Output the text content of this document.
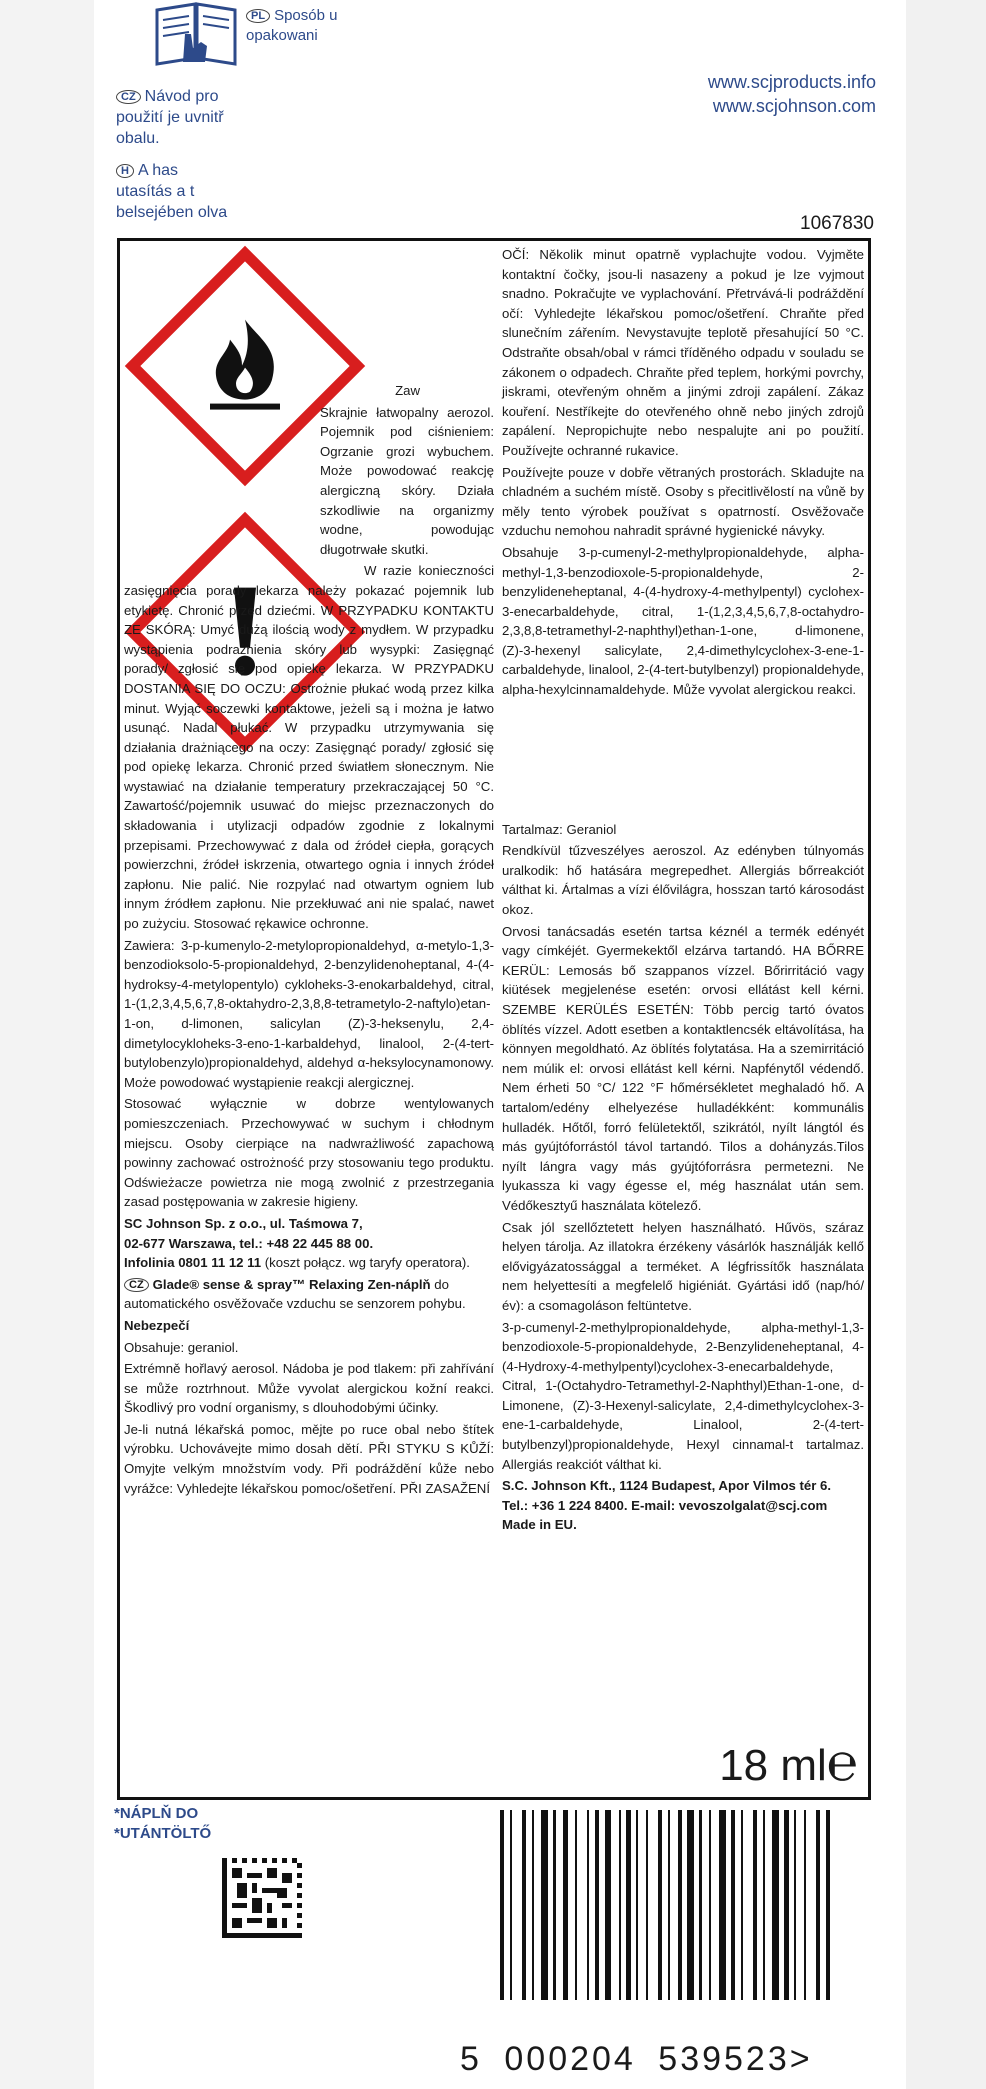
PL Sposób u
opakowani
CZ Návod pro
použití je uvnitř
obalu.
H A has
utasítás a t
belsejében olva
www.scjproducts.info
www.scjohnson.com
1067830

Zaw

Skrajnie łatwopalny aerozol. Pojemnik pod ciśnieniem: Ogrzanie grozi wybuchem. Może powodować reakcję alergiczną skóry. Działa szkodliwie na organizmy wodne, powodując długotrwałe skutki.

W razie konieczności zasięgnięcia porady lekarza należy pokazać pojemnik lub etykietę. Chronić przed dziećmi. W PRZYPADKU KONTAKTU ZE SKÓRĄ: Umyć dużą ilością wody z mydłem. W przypadku wystąpienia podrażnienia skóry lub wysypki: Zasięgnąć porady/ zgłosić się pod opiekę lekarza. W PRZYPADKU DOSTANIA SIĘ DO OCZU: Ostrożnie płukać wodą przez kilka minut. Wyjąć soczewki kontaktowe, jeżeli są i można je łatwo usunąć. Nadal płukać. W przypadku utrzymywania się działania drażniącego na oczy: Zasięgnąć porady/ zgłosić się pod opiekę lekarza. Chronić przed światłem słonecznym. Nie wystawiać na działanie temperatury przekraczającej 50 °C. Zawartość/pojemnik usuwać do miejsc przeznaczonych do składowania i utylizacji odpadów zgodnie z lokalnymi przepisami. Przechowywać z dala od źródeł ciepła, gorących powierzchni, źródeł iskrzenia, otwartego ognia i innych źródeł zapłonu. Nie palić. Nie rozpylać nad otwartym ogniem lub innym źródłem zapłonu. Nie przekłuwać ani nie spalać, nawet po zużyciu. Stosować rękawice ochronne.

Zawiera: 3-p-kumenylo-2-metylopropionaldehyd, α-metylo-1,3-benzodioksolo-5-propionaldehyd, 2-benzylidenoheptanal, 4-(4-hydroksy-4-metylopentylo) cykloheks-3-enokarbaldehyd, citral, 1-(1,2,3,4,5,6,7,8-oktahydro-2,3,8,8-tetrametylo-2-naftylo)etan-1-on, d-limonen, salicylan (Z)-3-heksenylu, 2,4-dimetylocykloheks-3-eno-1-karbaldehyd, linalool, 2-(4-tert-butylobenzylo)propionaldehyd, aldehyd α-heksylocynamonowy. Może powodować wystąpienie reakcji alergicznej.

Stosować wyłącznie w dobrze wentylowanych pomieszczeniach. Przechowywać w suchym i chłodnym miejscu. Osoby cierpiące na nadwrażliwość zapachową powinny zachować ostrożność przy stosowaniu tego produktu. Odświeżacze powietrza nie mogą zwolnić z przestrzegania zasad postępowania w zakresie higieny.

SC Johnson Sp. z o.o., ul. Taśmowa 7,
02-677 Warszawa, tel.: +48 22 445 88 00.
Infolinia 0801 11 12 11 (koszt połącz. wg taryfy operatora).

CZ Glade® sense & spray™ Relaxing Zen-náplň do automatického osvěžovače vzduchu se senzorem pohybu.

Nebezpečí

Obsahuje: geraniol.

Extrémně hořlavý aerosol. Nádoba je pod tlakem: při zahřívání se může roztrhnout. Může vyvolat alergickou kožní reakci. Škodlivý pro vodní organismy, s dlouhodobými účinky.

Je-li nutná lékařská pomoc, mějte po ruce obal nebo štítek výrobku. Uchovávejte mimo dosah dětí. PŘI STYKU S KŮŽÍ: Omyjte velkým množstvím vody. Při podráždění kůže nebo vyrážce: Vyhledejte lékařskou pomoc/ošetření. PŘI ZASAŽENÍ

OČÍ: Několik minut opatrně vyplachujte vodou. Vyjměte kontaktní čočky, jsou-li nasazeny a pokud je lze vyjmout snadno. Pokračujte ve vyplachování. Přetrvává-li podráždění očí: Vyhledejte lékařskou pomoc/ošetření. Chraňte před slunečním zářením. Nevystavujte teplotě přesahující 50 °C. Odstraňte obsah/obal v rámci tříděného odpadu v souladu se zákonem o odpadech. Chraňte před teplem, horkými povrchy, jiskrami, otevřeným ohněm a jinými zdroji zapálení. Zákaz kouření. Nestříkejte do otevřeného ohně nebo jiných zdrojů zapálení. Nepropichujte nebo nespalujte ani po použití. Používejte ochranné rukavice.

Používejte pouze v dobře větraných prostorách. Skladujte na chladném a suchém místě. Osoby s přecitlivělostí na vůně by měly tento výrobek používat s opatrností. Osvěžovače vzduchu nemohou nahradit správné hygienické návyky.

Obsahuje 3-p-cumenyl-2-methylpropionaldehyde, alpha-methyl-1,3-benzodioxole-5-propionaldehyde, 2-benzylideneheptanal, 4-(4-hydroxy-4-methylpentyl) cyclohex-3-enecarbaldehyde, citral, 1-(1,2,3,4,5,6,7,8-octahydro-2,3,8,8-tetramethyl-2-naphthyl)ethan-1-one, d-limonene, (Z)-3-hexenyl salicylate, 2,4-dimethylcyclohex-3-ene-1-carbaldehyde, linalool, 2-(4-tert-butylbenzyl) propionaldehyde, alpha-hexylcinnamaldehyde. Může vyvolat alergickou reakci.

Tartalmaz: Geraniol

Rendkívül tűzveszélyes aeroszol. Az edényben túlnyomás uralkodik: hő hatására megrepedhet. Allergiás bőrreakciót válthat ki. Ártalmas a vízi élővilágra, hosszan tartó károsodást okoz.

Orvosi tanácsadás esetén tartsa kéznél a termék edényét vagy címkéjét. Gyermekektől elzárva tartandó. HA BŐRRE KERÜL: Lemosás bő szappanos vízzel. Bőrirritáció vagy kiütések megjelenése esetén: orvosi ellátást kell kérni. SZEMBE KERÜLÉS ESETÉN: Több percig tartó óvatos öblítés vízzel. Adott esetben a kontaktlencsék eltávolítása, ha könnyen megoldható. Az öblítés folytatása. Ha a szemirritáció nem múlik el: orvosi ellátást kell kérni. Napfénytől védendő. Nem érheti 50 °C/ 122 °F hőmérsékletet meghaladó hő. A tartalom/edény elhelyezése hulladékként: kommunális hulladék. Hőtől, forró felületektől, szikrától, nyílt lángtól és más gyújtóforrástól távol tartandó. Tilos a dohányzás.Tilos nyílt lángra vagy más gyújtóforrásra permetezni. Ne lyukassza ki vagy égesse el, még használat után sem. Védőkesztyű használata kötelező.

Csak jól szellőztetett helyen használható. Hűvös, száraz helyen tárolja. Az illatokra érzékeny vásárlók használják kellő elővigyázatossággal a terméket. A légfrissítők használata nem helyettesíti a megfelelő higiéniát. Gyártási idő (nap/hó/év): a csomagoláson feltüntetve.

3-p-cumenyl-2-methylpropionaldehyde, alpha-methyl-1,3-benzodioxole-5-propionaldehyde, 2-Benzylideneheptanal, 4-(4-Hydroxy-4-methylpentyl)cyclohex-3-enecarbaldehyde, Citral, 1-(Octahydro-Tetramethyl-2-Naphthyl)Ethan-1-one, d-Limonene, (Z)-3-Hexenyl-salicylate, 2,4-dimethylcyclohex-3-ene-1-carbaldehyde, Linalool, 2-(4-tert-butylbenzyl)propionaldehyde, Hexyl cinnamal-t tartalmaz. Allergiás reakciót válthat ki.

S.C. Johnson Kft., 1124 Budapest, Apor Vilmos tér 6.
Tel.: +36 1 224 8400. E-mail: vevoszolgalat@scj.com
Made in EU.

18 ml℮
*NÁPLŇ DO
*UTÁNTÖLTŐ
5 000204 539523>
